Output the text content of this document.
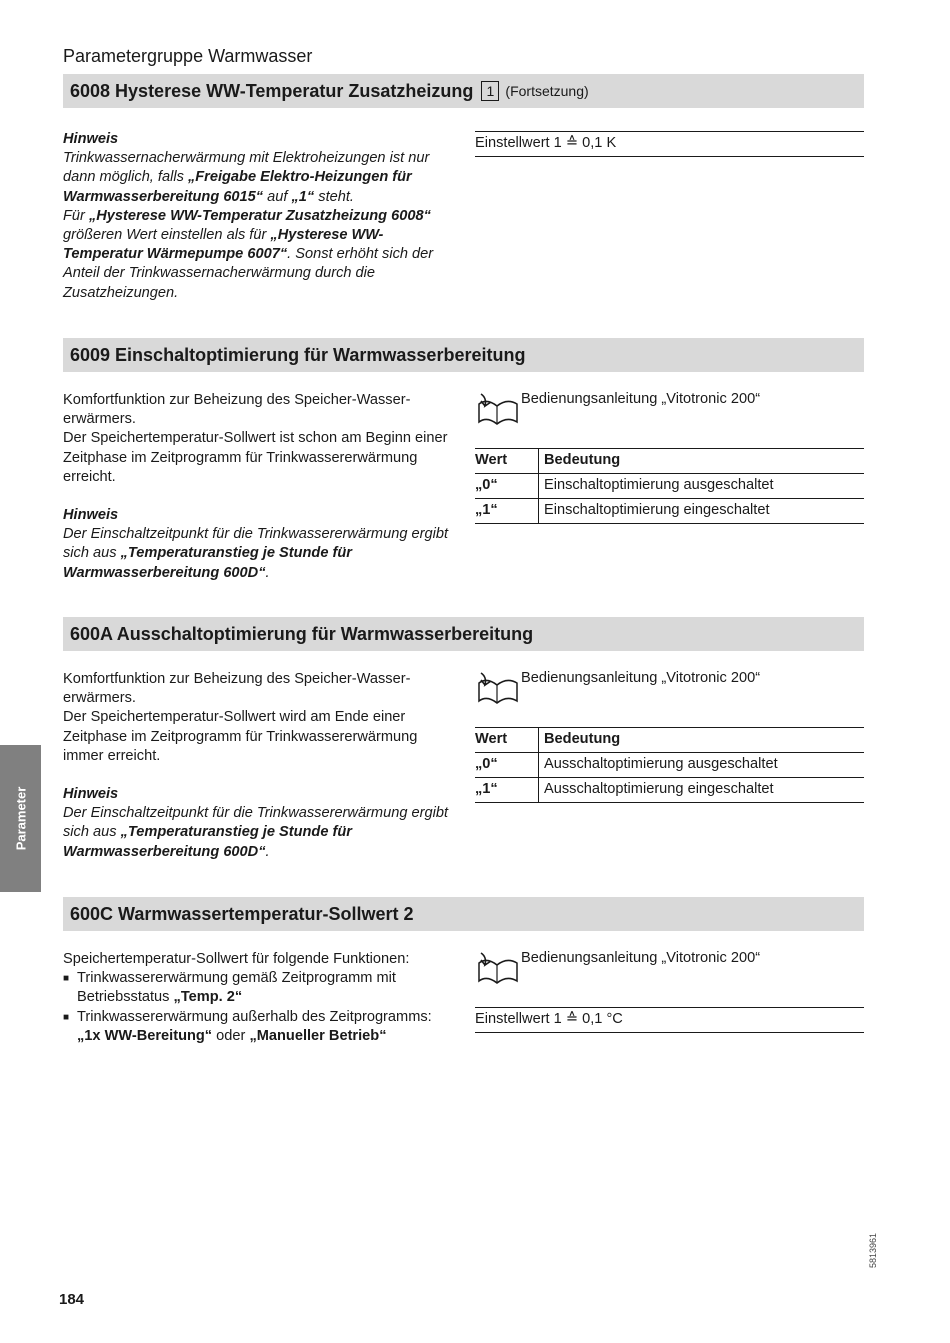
Parametergruppe Warmwasser
6008 Hysterese WW-Temperatur Zusatzheizung 1 (Fortsetzung)

Hinweis

Trinkwassernacherwärmung mit Elektroheizungen ist nur dann möglich, falls „Freigabe Elektro-Heizungen für Warmwasserbereitung 6015“ auf „1“ steht.

Für „Hysterese WW-Temperatur Zusatzheizung 6008“ größeren Wert einstellen als für „Hysterese WW-Temperatur Wärmepumpe 6007“. Sonst erhöht sich der Anteil der Trinkwassernacherwärmung durch die Zusatzheizungen.

Einstellwert 1 ≙ 0,1 K
6009 Einschaltoptimierung für Warmwasserbereitung

Komfortfunktion zur Beheizung des Speicher-Wassererwärmers.

Der Speichertemperatur-Sollwert ist schon am Beginn einer Zeitphase im Zeitprogramm für Trinkwassererwärmung erreicht.

Hinweis

Der Einschaltzeitpunkt für die Trinkwassererwärmung ergibt sich aus „Temperaturanstieg je Stunde für Warmwasserbereitung 600D“.

Bedienungsanleitung „Vitotronic 200“
Wert	Bedeutung
„0“	Einschaltoptimierung ausgeschaltet
„1“	Einschaltoptimierung eingeschaltet
600A Ausschaltoptimierung für Warmwasserbereitung

Komfortfunktion zur Beheizung des Speicher-Wassererwärmers.

Der Speichertemperatur-Sollwert wird am Ende einer Zeitphase im Zeitprogramm für Trinkwassererwärmung immer erreicht.

Hinweis

Der Einschaltzeitpunkt für die Trinkwassererwärmung ergibt sich aus „Temperaturanstieg je Stunde für Warmwasserbereitung 600D“.

Bedienungsanleitung „Vitotronic 200“
Wert	Bedeutung
„0“	Ausschaltoptimierung ausgeschaltet
„1“	Ausschaltoptimierung eingeschaltet
Parameter
600C Warmwassertemperatur-Sollwert 2

Speichertemperatur-Sollwert für folgende Funktionen:

■ Trinkwassererwärmung gemäß Zeitprogramm mit Betriebsstatus „Temp. 2“
■ Trinkwassererwärmung außerhalb des Zeitprogramms: „1x WW-Bereitung“ oder „Manueller Betrieb“
Bedienungsanleitung „Vitotronic 200“
Einstellwert 1 ≙ 0,1 °C
184
5813961
